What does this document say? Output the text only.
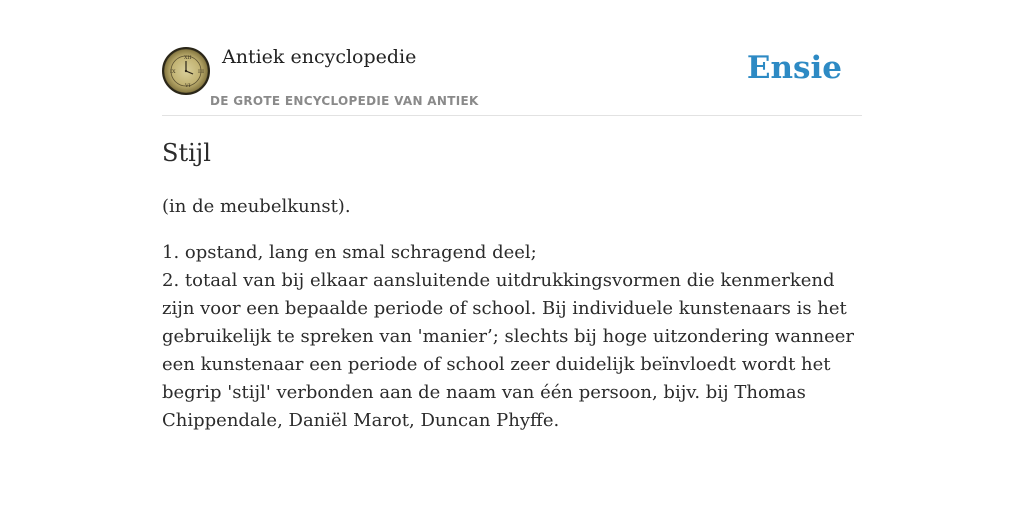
XII
III
VI
IX
Antiek encyclopedie
DE GROTE ENCYCLOPEDIE VAN ANTIEK
Ensie
Stijl
(in de meubelkunst).

1. opstand, lang en smal schragend deel;

2. totaal van bij elkaar aansluitende uitdrukkingsvormen die kenmerkend zijn voor een bepaalde periode of school. Bij individuele kunstenaars is het gebruikelijk te spreken van 'manier’; slechts bij hoge uitzondering wanneer een kunstenaar een periode of school zeer duidelijk beïnvloedt wordt het begrip 'stijl' verbonden aan de naam van één persoon, bijv. bij Thomas Chippendale, Daniël Marot, Duncan Phyffe.
